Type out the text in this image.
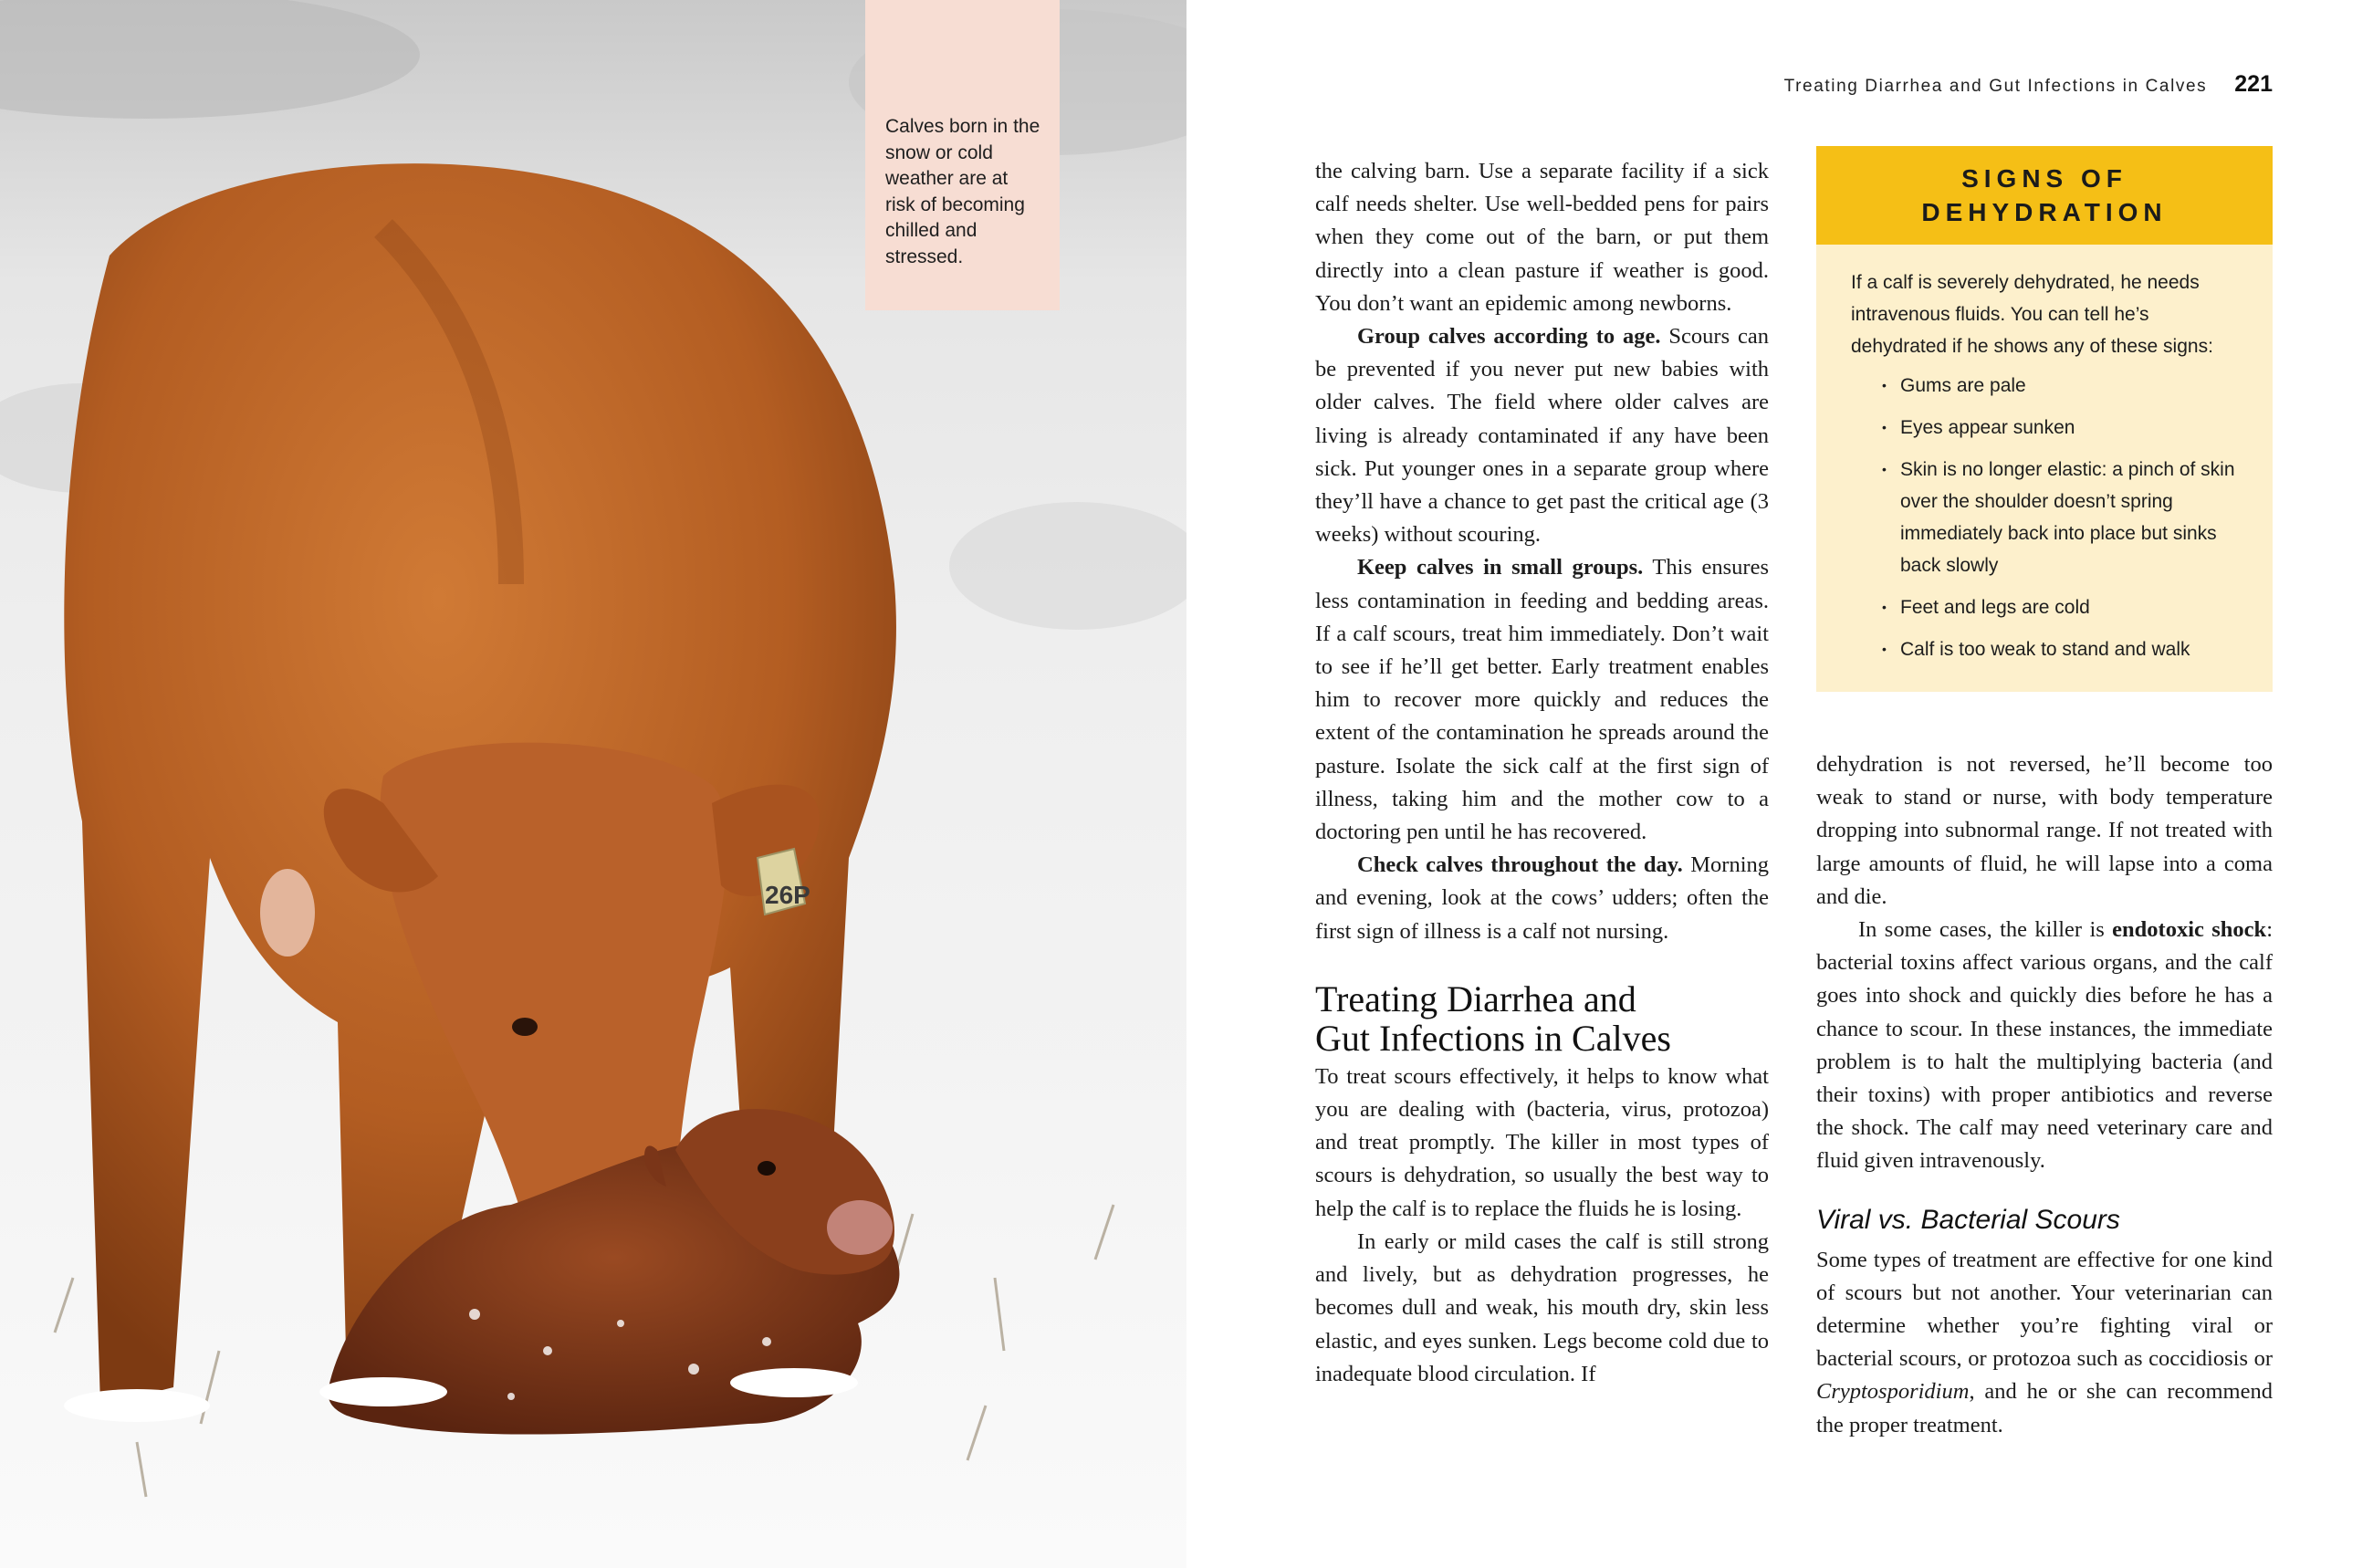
26P
Calves born in the snow or cold weather are at risk of becoming chilled and stressed.
Treating Diarrhea and Gut Infections in Calves 221

the calving barn. Use a separate facility if a sick calf needs shelter. Use well-bedded pens for pairs when they come out of the barn, or put them directly into a clean pasture if weather is good. You don’t want an epidemic among newborns.

Group calves according to age. Scours can be prevented if you never put new babies with older calves. The field where older calves are living is already contaminated if any have been sick. Put younger ones in a separate group where they’ll have a chance to get past the critical age (3 weeks) without scouring.

Keep calves in small groups. This ensures less contamination in feeding and bedding areas. If a calf scours, treat him immediately. Don’t wait to see if he’ll get better. Early treatment enables him to recover more quickly and reduces the extent of the contamination he spreads around the pasture. Isolate the sick calf at the first sign of illness, taking him and the mother cow to a doctoring pen until he has recovered.

Check calves throughout the day. Morning and evening, look at the cows’ udders; often the first sign of illness is a calf not nursing.

Treating Diarrhea and
Gut Infections in Calves

To treat scours effectively, it helps to know what you are dealing with (bacteria, virus, protozoa) and treat promptly. The killer in most types of scours is dehydration, so usually the best way to help the calf is to replace the fluids he is losing.

In early or mild cases the calf is still strong and lively, but as dehydration progresses, he becomes dull and weak, his mouth dry, skin less elastic, and eyes sunken. Legs become cold due to inadequate blood circulation. If

SIGNS OF
DEHYDRATION
If a calf is severely dehydrated, he needs intravenous fluids. You can tell he’s dehydrated if he shows any of these signs:
• Gums are pale
• Eyes appear sunken
• Skin is no longer elastic: a pinch of skin over the shoulder doesn’t spring immediately back into place but sinks back slowly
• Feet and legs are cold
• Calf is too weak to stand and walk

dehydration is not reversed, he’ll become too weak to stand or nurse, with body temperature dropping into subnormal range. If not treated with large amounts of fluid, he will lapse into a coma and die.

In some cases, the killer is endotoxic shock: bacterial toxins affect various organs, and the calf goes into shock and quickly dies before he has a chance to scour. In these instances, the immediate problem is to halt the multiplying bacteria (and their toxins) with proper antibiotics and reverse the shock. The calf may need veterinary care and fluid given intravenously.

Viral vs. Bacterial Scours

Some types of treatment are effective for one kind of scours but not another. Your veterinarian can determine whether you’re fighting viral or bacterial scours, or protozoa such as coccidiosis or Cryptosporidium, and he or she can recommend the proper treatment.
